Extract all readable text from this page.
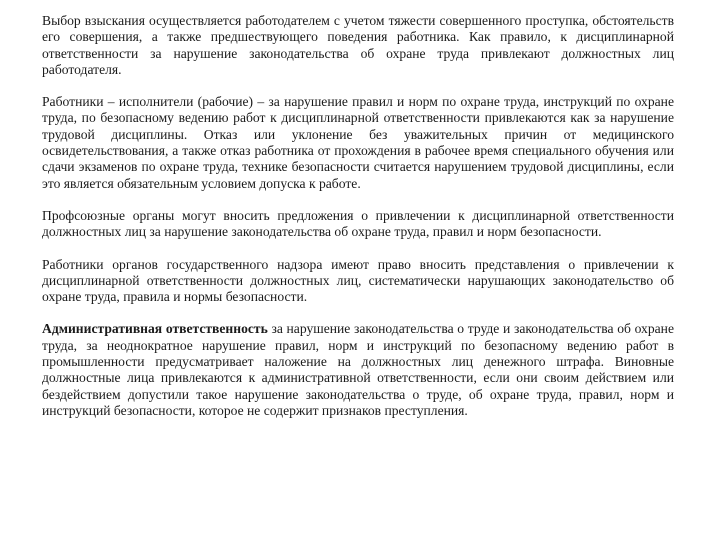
Выбор взыскания осуществляется работодателем с учетом тяжести совершенного проступка, обстоятельств его совершения, а также предшествующего поведения работника. Как правило, к дисциплинарной ответственности за нарушение законодательства об охране труда привлекают должностных лиц работодателя.

Работники – исполнители (рабочие) – за нарушение правил и норм по охране труда, инструкций по охране труда, по безопасному ведению работ к дисциплинарной ответственности привлекаются как за нарушение трудовой дисциплины. Отказ или уклонение без уважительных причин от медицинского освидетельствования, а также отказ работника от прохождения в рабочее время специального обучения или сдачи экзаменов по охране труда, технике безопасности считается нарушением трудовой дисциплины, если это является обязательным условием допуска к работе.

Профсоюзные органы могут вносить предложения о привлечении к дисциплинарной ответственности должностных лиц за нарушение законодательства об охране труда, правил и норм безопасности.

Работники органов государственного надзора имеют право вносить представления о привлечении к дисциплинарной ответственности должностных лиц, систематически нарушающих законодательство об охране труда, правила и нормы безопасности.

Административная ответственность за нарушение законодательства о труде и законодательства об охране труда, за неоднократное нарушение правил, норм и инструкций по безопасному ведению работ в промышленности предусматривает наложение на должностных лиц денежного штрафа. Виновные должностные лица привлекаются к административной ответственности, если они своим действием или бездействием допустили такое нарушение законодательства о труде, об охране труда, правил, норм и инструкций безопасности, которое не содержит признаков преступления.
